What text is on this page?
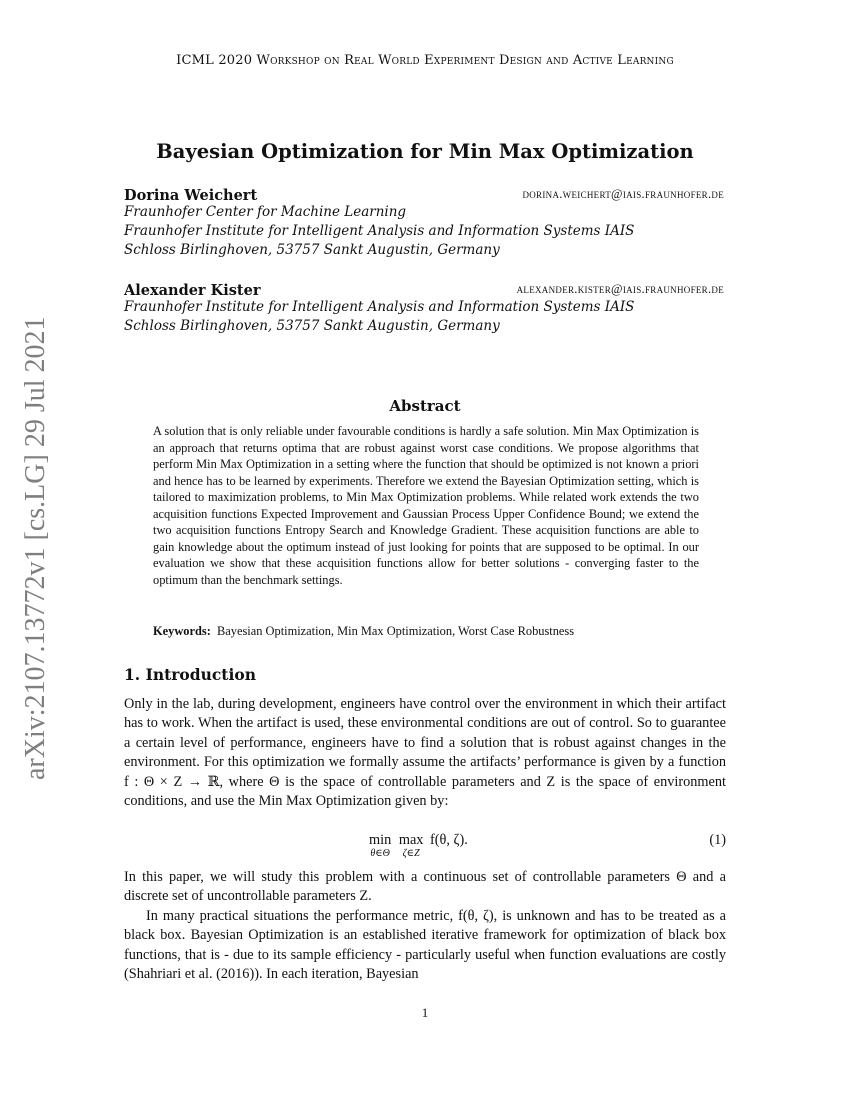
ICML 2020 Workshop on Real World Experiment Design and Active Learning
arXiv:2107.13772v1 [cs.LG] 29 Jul 2021
Bayesian Optimization for Min Max Optimization
Dorina Weichert	dorina.weichert@iais.fraunhofer.de
Fraunhofer Center for Machine Learning
Fraunhofer Institute for Intelligent Analysis and Information Systems IAIS
Schloss Birlinghoven, 53757 Sankt Augustin, Germany
Alexander Kister	alexander.kister@iais.fraunhofer.de
Fraunhofer Institute for Intelligent Analysis and Information Systems IAIS
Schloss Birlinghoven, 53757 Sankt Augustin, Germany
Abstract
A solution that is only reliable under favourable conditions is hardly a safe solution. Min Max Optimization is an approach that returns optima that are robust against worst case conditions. We propose algorithms that perform Min Max Optimization in a setting where the function that should be optimized is not known a priori and hence has to be learned by experiments. Therefore we extend the Bayesian Optimization setting, which is tailored to maximization problems, to Min Max Optimization problems. While related work extends the two acquisition functions Expected Improvement and Gaussian Process Upper Confidence Bound; we extend the two acquisition functions Entropy Search and Knowledge Gradient. These acquisition functions are able to gain knowledge about the optimum instead of just looking for points that are supposed to be optimal. In our evaluation we show that these acquisition functions allow for better solutions - converging faster to the optimum than the benchmark settings.
Keywords: Bayesian Optimization, Min Max Optimization, Worst Case Robustness
1. Introduction
Only in the lab, during development, engineers have control over the environment in which their artifact has to work. When the artifact is used, these environmental conditions are out of control. So to guarantee a certain level of performance, engineers have to find a solution that is robust against changes in the environment. For this optimization we formally assume the artifacts’ performance is given by a function f : Θ × Z → ℝ, where Θ is the space of controllable parameters and Z is the space of environment conditions, and use the Min Max Optimization given by:
min
θ∈Θ

max
ζ∈Z
f(θ, ζ).	(1)
In this paper, we will study this problem with a continuous set of controllable parameters Θ and a discrete set of uncontrollable parameters Z.
In many practical situations the performance metric, f(θ, ζ), is unknown and has to be treated as a black box. Bayesian Optimization is an established iterative framework for optimization of black box functions, that is - due to its sample efficiency - particularly useful when function evaluations are costly (Shahriari et al. (2016)). In each iteration, Bayesian
1
